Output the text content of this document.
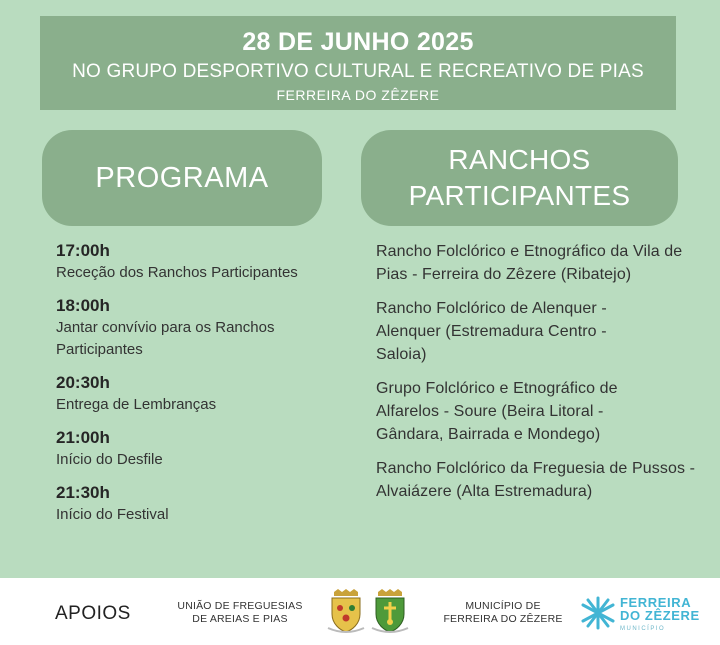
28 DE JUNHO 2025
NO GRUPO DESPORTIVO CULTURAL E RECREATIVO DE PIAS
FERREIRA DO ZÊZERE
PROGRAMA
RANCHOS
PARTICIPANTES
17:00h
Receção dos Ranchos Participantes
18:00h
Jantar convívio para os Ranchos Participantes
20:30h
Entrega de Lembranças
21:00h
Início do Desfile
21:30h
Início do Festival
Rancho Folclórico e Etnográfico da Vila de Pias - Ferreira do Zêzere (Ribatejo)
Rancho Folclórico de Alenquer - Alenquer (Estremadura Centro - Saloia)
Grupo Folclórico e Etnográfico de Alfarelos - Soure (Beira Litoral - Gândara, Bairrada e Mondego)
Rancho Folclórico da Freguesia de Pussos - Alvaiázere (Alta Estremadura)
APOIOS	UNIÃO DE FREGUESIAS
DE AREIAS E PIAS
MUNICÍPIO DE
FERREIRA DO ZÊZERE
FERREIRA
DO ZÊZERE
MUNICÍPIO
